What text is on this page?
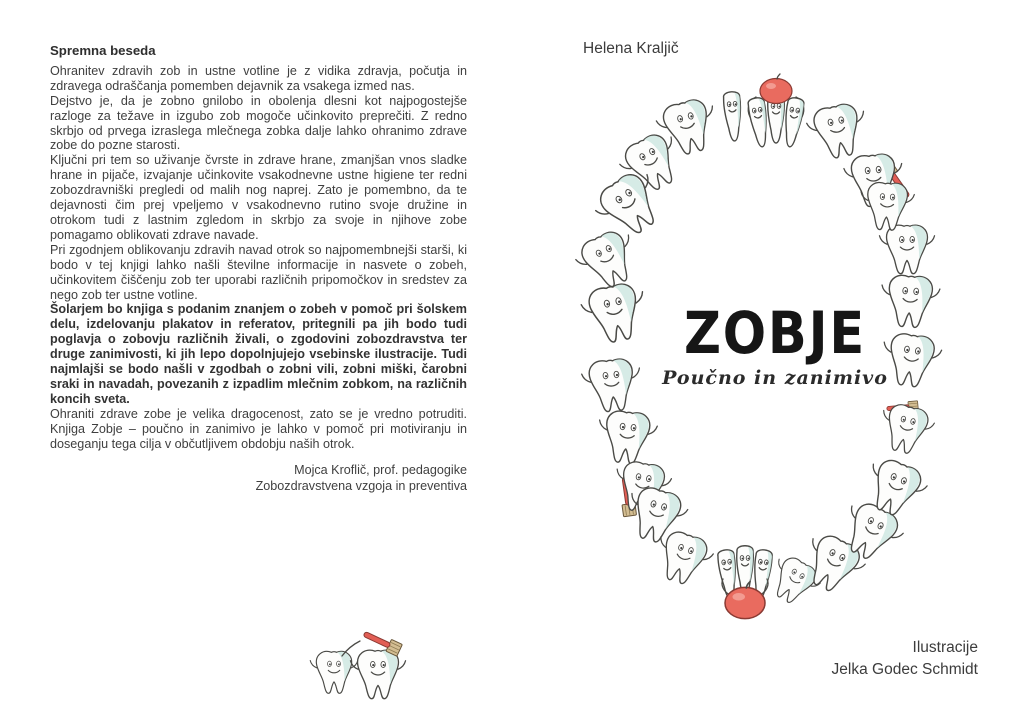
Spremna beseda

Ohranitev zdravih zob in ustne votline je z vidika zdravja, počutja in zdravega odraščanja pomemben dejavnik za vsakega izmed nas.

Dejstvo je, da je zobno gnilobo in obolenja dlesni kot najpogostejše razloge za težave in izgubo zob mogoče učinkovito preprečiti. Z redno skrbjo od prvega izraslega mlečnega zobka dalje lahko ohranimo zdrave zobe do pozne starosti.

Ključni pri tem so uživanje čvrste in zdrave hrane, zmanjšan vnos sladke hrane in pijače, izvajanje učinkovite vsakodnevne ustne higiene ter redni zobozdravniški pregledi od malih nog naprej. Zato je pomembno, da te dejavnosti čim prej vpeljemo v vsakodnevno rutino svoje družine in otrokom tudi z lastnim zgledom in skrbjo za svoje in njihove zobe pomagamo oblikovati zdrave navade.

Pri zgodnjem oblikovanju zdravih navad otrok so najpomembnejši starši, ki bodo v tej knjigi lahko našli številne informacije in nasvete o zobeh, učinkovitem čiščenju zob ter uporabi različnih pripomočkov in sredstev za nego zob ter ustne votline.

Šolarjem bo knjiga s podanim znanjem o zobeh v pomoč pri šolskem delu, izdelovanju plakatov in referatov, pritegnili pa jih bodo tudi poglavja o zobovju različnih živali, o zgodovini zobozdravstva ter druge zanimivosti, ki jih lepo dopolnjujejo vsebinske ilustracije. Tudi najmlajši se bodo našli v zgodbah o zobni vili, zobni miški, čarobni sraki in navadah, povezanih z izpadlim mlečnim zobkom, na različnih koncih sveta.

Ohraniti zdrave zobe je velika dragocenost, zato se je vredno potruditi. Knjiga Zobje – poučno in zanimivo je lahko v pomoč pri motiviranju in doseganju tega cilja v občutljivem obdobju naših otrok.

Mojca Kroflič, prof. pedagogike
Zobozdravstvena vzgoja in preventiva
Helena Kraljič
ZOBJE
Poučno in zanimivo
Ilustracije
Jelka Godec Schmidt
